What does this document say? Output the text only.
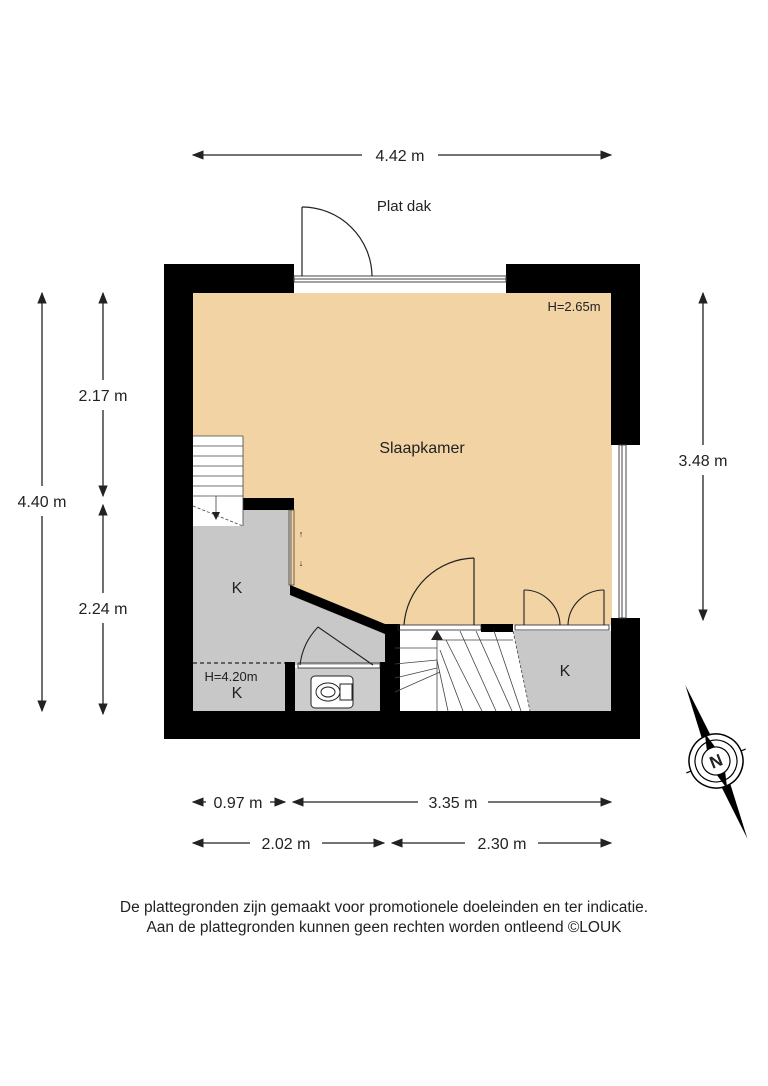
↑
↓
4.42 m
Plat dak
4.40 m
2.17 m
2.24 m
3.48 m
0.97 m	3.35 m
2.02 m	2.30 m
Slaapkamer
H=2.65m
K
H=4.20m
K
K
N
De plattegronden zijn gemaakt voor promotionele doeleinden en ter indicatie.
Aan de plattegronden kunnen geen rechten worden ontleend ©LOUK
